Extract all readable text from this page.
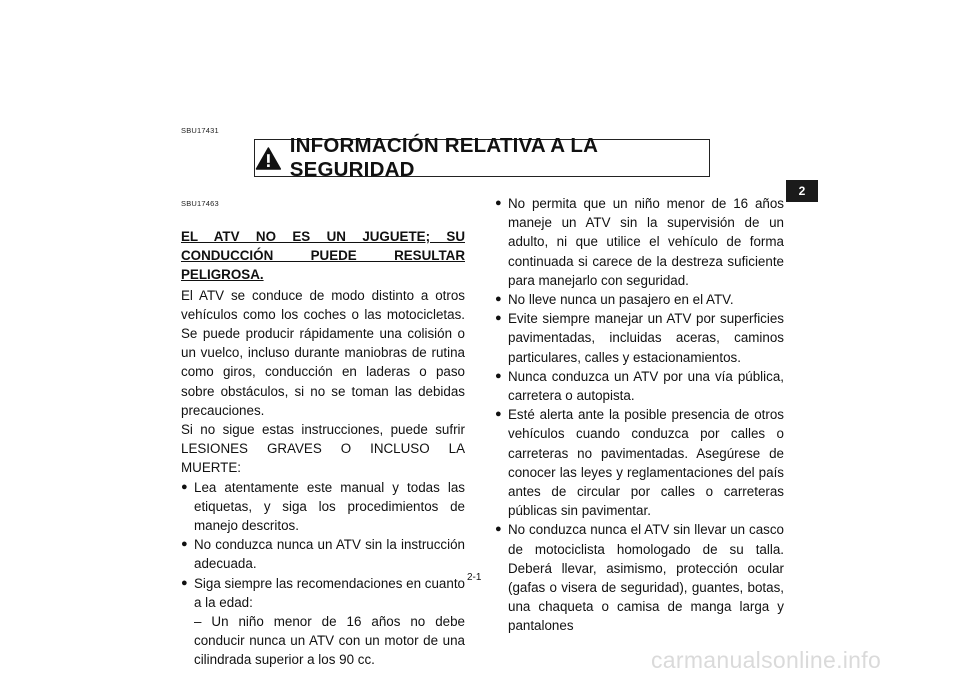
SBU17431
INFORMACIÓN RELATIVA A LA SEGURIDAD
2
SBU17463
EL ATV NO ES UN JUGUETE; SU CONDUCCIÓN PUEDE RESULTAR PELIGROSA.

El ATV se conduce de modo distinto a otros vehículos como los coches o las motocicletas. Se puede producir rápidamente una colisión o un vuelco, incluso durante maniobras de rutina como giros, conducción en laderas o paso sobre obstáculos, si no se toman las debidas precauciones.

Si no sigue estas instrucciones, puede sufrir LESIONES GRAVES O INCLUSO LA MUERTE:

● Lea atentamente este manual y todas las etiquetas, y siga los procedimientos de manejo descritos.
● No conduzca nunca un ATV sin la instrucción adecuada.
● Siga siempre las recomendaciones en cuanto a la edad:
– Un niño menor de 16 años no debe conducir nunca un ATV con un motor de una cilindrada superior a los 90 cc.
● No permita que un niño menor de 16 años maneje un ATV sin la supervisión de un adulto, ni que utilice el vehículo de forma continuada si carece de la destreza suficiente para manejarlo con seguridad.
● No lleve nunca un pasajero en el ATV.
● Evite siempre manejar un ATV por superficies pavimentadas, incluidas aceras, caminos particulares, calles y estacionamientos.
● Nunca conduzca un ATV por una vía pública, carretera o autopista.
● Esté alerta ante la posible presencia de otros vehículos cuando conduzca por calles o carreteras no pavimentadas. Asegúrese de conocer las leyes y reglamentaciones del país antes de circular por calles o carreteras públicas sin pavimentar.
● No conduzca nunca el ATV sin llevar un casco de motociclista homologado de su talla. Deberá llevar, asimismo, protección ocular (gafas o visera de seguridad), guantes, botas, una chaqueta o camisa de manga larga y pantalones
2-1
carmanualsonline.info
